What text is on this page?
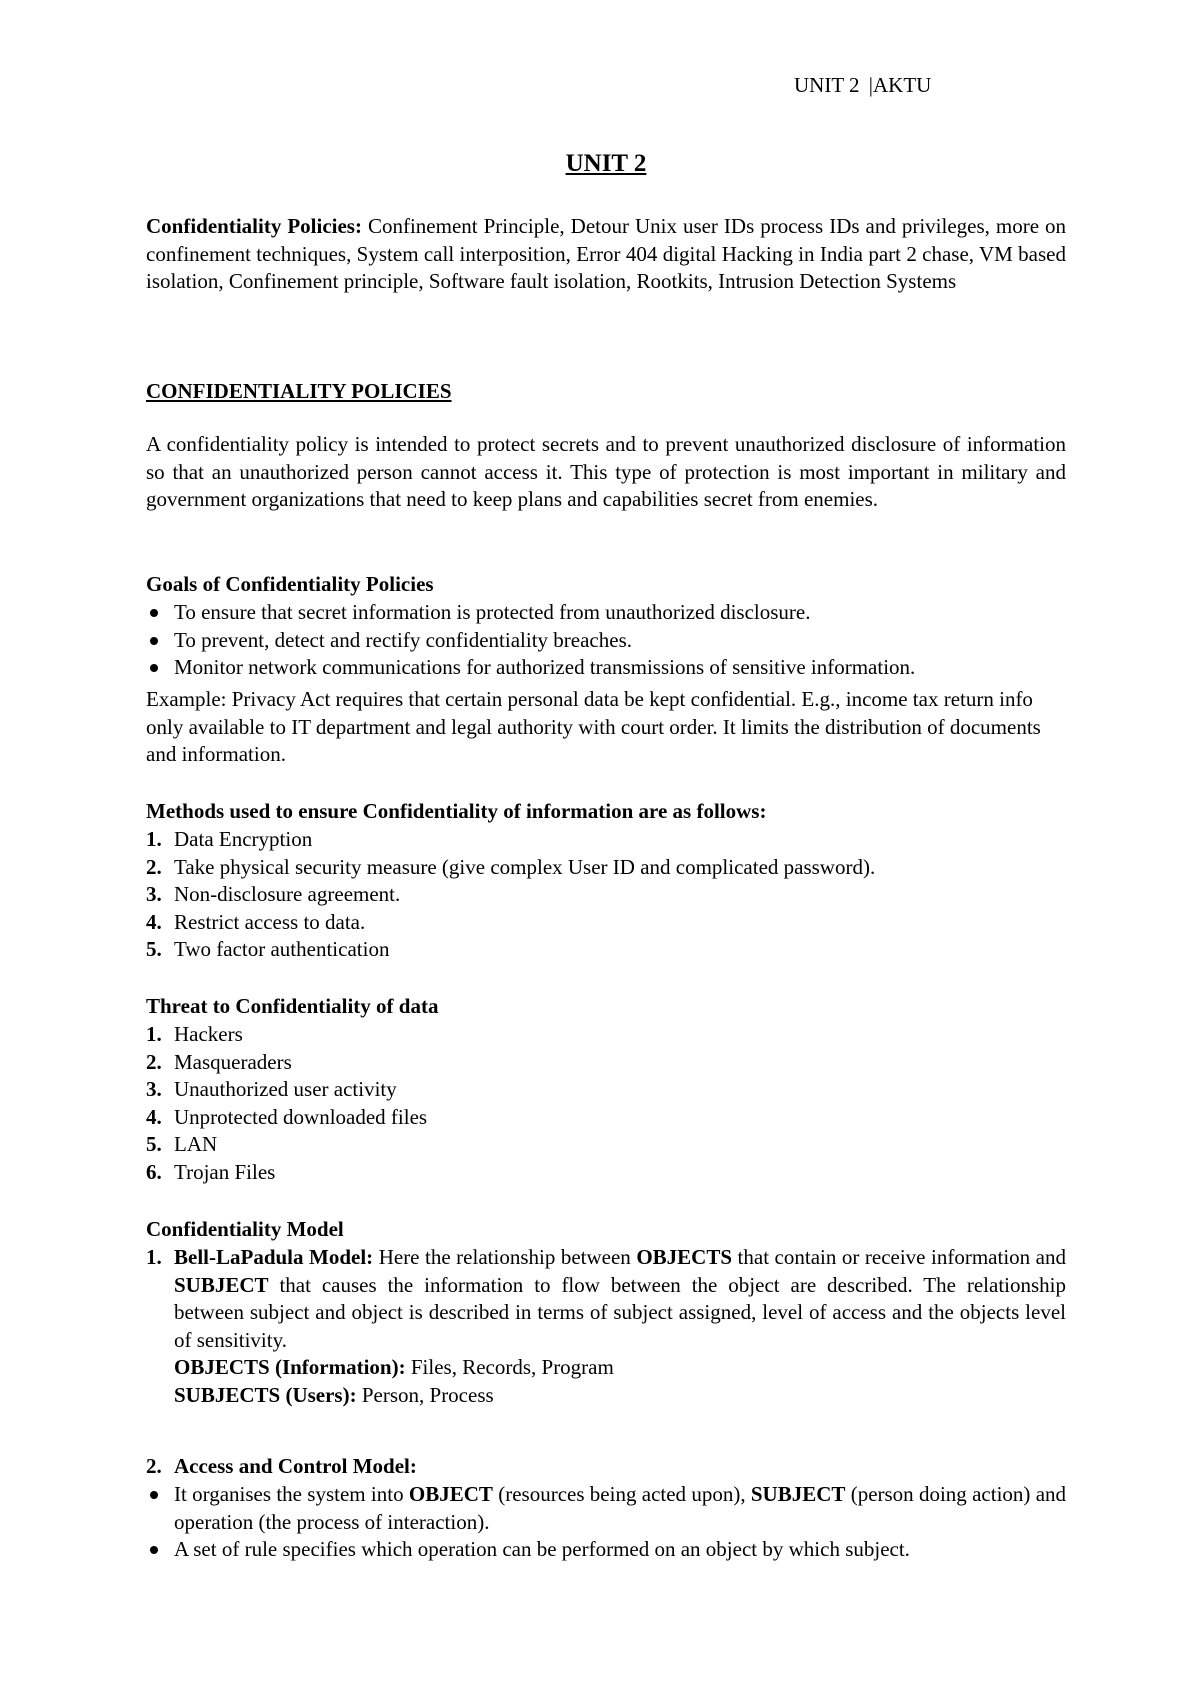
UNIT 2 |AKTU
UNIT 2
Confidentiality Policies: Confinement Principle, Detour Unix user IDs process IDs and privileges, more on confinement techniques, System call interposition, Error 404 digital Hacking in India part 2 chase, VM based isolation, Confinement principle, Software fault isolation, Rootkits, Intrusion Detection Systems
CONFIDENTIALITY POLICIES
A confidentiality policy is intended to protect secrets and to prevent unauthorized disclosure of information so that an unauthorized person cannot access it. This type of protection is most important in military and government organizations that need to keep plans and capabilities secret from enemies.
Goals of Confidentiality Policies
To ensure that secret information is protected from unauthorized disclosure.
To prevent, detect and rectify confidentiality breaches.
Monitor network communications for authorized transmissions of sensitive information.
Example: Privacy Act requires that certain personal data be kept confidential. E.g., income tax return info only available to IT department and legal authority with court order. It limits the distribution of documents and information.
Methods used to ensure Confidentiality of information are as follows:
1. Data Encryption
2. Take physical security measure (give complex User ID and complicated password).
3. Non-disclosure agreement.
4. Restrict access to data.
5. Two factor authentication
Threat to Confidentiality of data
1. Hackers
2. Masqueraders
3. Unauthorized user activity
4. Unprotected downloaded files
5. LAN
6. Trojan Files
Confidentiality Model
1. Bell-LaPadula Model: Here the relationship between OBJECTS that contain or receive information and SUBJECT that causes the information to flow between the object are described. The relationship between subject and object is described in terms of subject assigned, level of access and the objects level of sensitivity.
OBJECTS (Information): Files, Records, Program
SUBJECTS (Users): Person, Process
2. Access and Control Model:
It organises the system into OBJECT (resources being acted upon), SUBJECT (person doing action) and operation (the process of interaction).
A set of rule specifies which operation can be performed on an object by which subject.
